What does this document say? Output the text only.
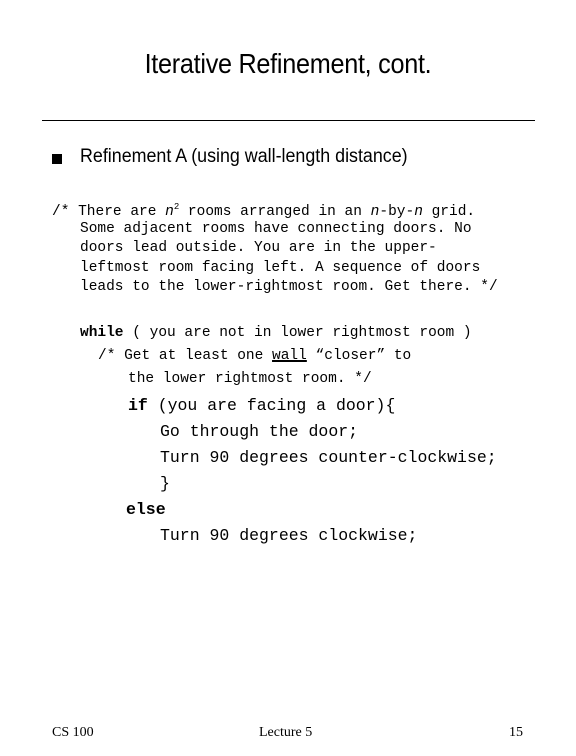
Iterative Refinement, cont.
Refinement A (using wall-length distance)
/* There are $n^2$ rooms arranged in an n-by-n grid.
Some adjacent rooms have connecting doors. No
doors lead outside. You are in the upper-
leftmost room facing left. A sequence of doors
leads to the lower-rightmost room. Get there. */
while ( you are not in lower rightmost room )
/* Get at least one wall “closer” to
the lower rightmost room. */
if (you are facing a door){
Go through the door;
Turn 90 degrees counter-clockwise;
}
else
Turn 90 degrees clockwise;
CS 100	Lecture 5	15
